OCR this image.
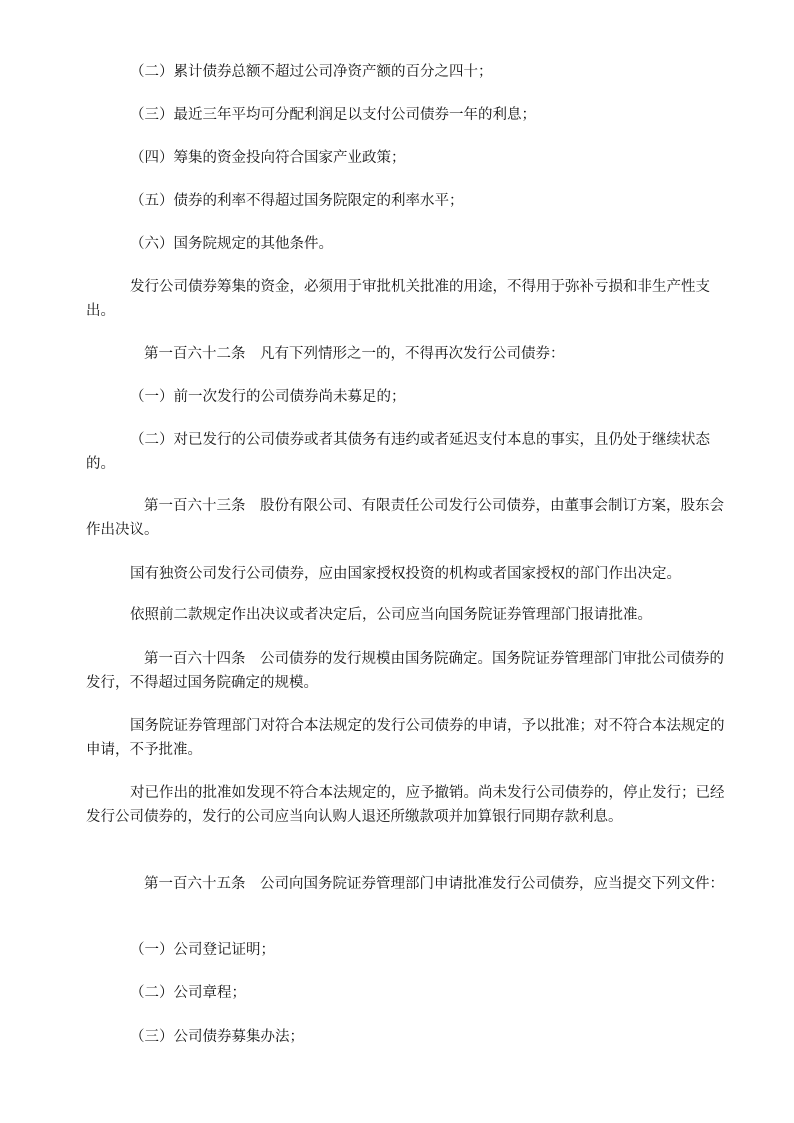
（二）累计债券总额不超过公司净资产额的百分之四十；

（三）最近三年平均可分配利润足以支付公司债券一年的利息；

（四）筹集的资金投向符合国家产业政策；

（五）债券的利率不得超过国务院限定的利率水平；

（六）国务院规定的其他条件。

发行公司债券筹集的资金，必须用于审批机关批准的用途，不得用于弥补亏损和非生产性支出。

第一百六十二条　凡有下列情形之一的，不得再次发行公司债券：

（一）前一次发行的公司债券尚未募足的；

（二）对已发行的公司债券或者其债务有违约或者延迟支付本息的事实，且仍处于继续状态的。

第一百六十三条　股份有限公司、有限责任公司发行公司债券，由董事会制订方案，股东会作出决议。

国有独资公司发行公司债券，应由国家授权投资的机构或者国家授权的部门作出决定。

依照前二款规定作出决议或者决定后，公司应当向国务院证券管理部门报请批准。

第一百六十四条　公司债券的发行规模由国务院确定。国务院证券管理部门审批公司债券的发行，不得超过国务院确定的规模。

国务院证券管理部门对符合本法规定的发行公司债券的申请，予以批准；对不符合本法规定的申请，不予批准。

对已作出的批准如发现不符合本法规定的，应予撤销。尚未发行公司债券的，停止发行；已经发行公司债券的，发行的公司应当向认购人退还所缴款项并加算银行同期存款利息。

第一百六十五条　公司向国务院证券管理部门申请批准发行公司债券，应当提交下列文件：

（一）公司登记证明；

（二）公司章程；

（三）公司债券募集办法；
